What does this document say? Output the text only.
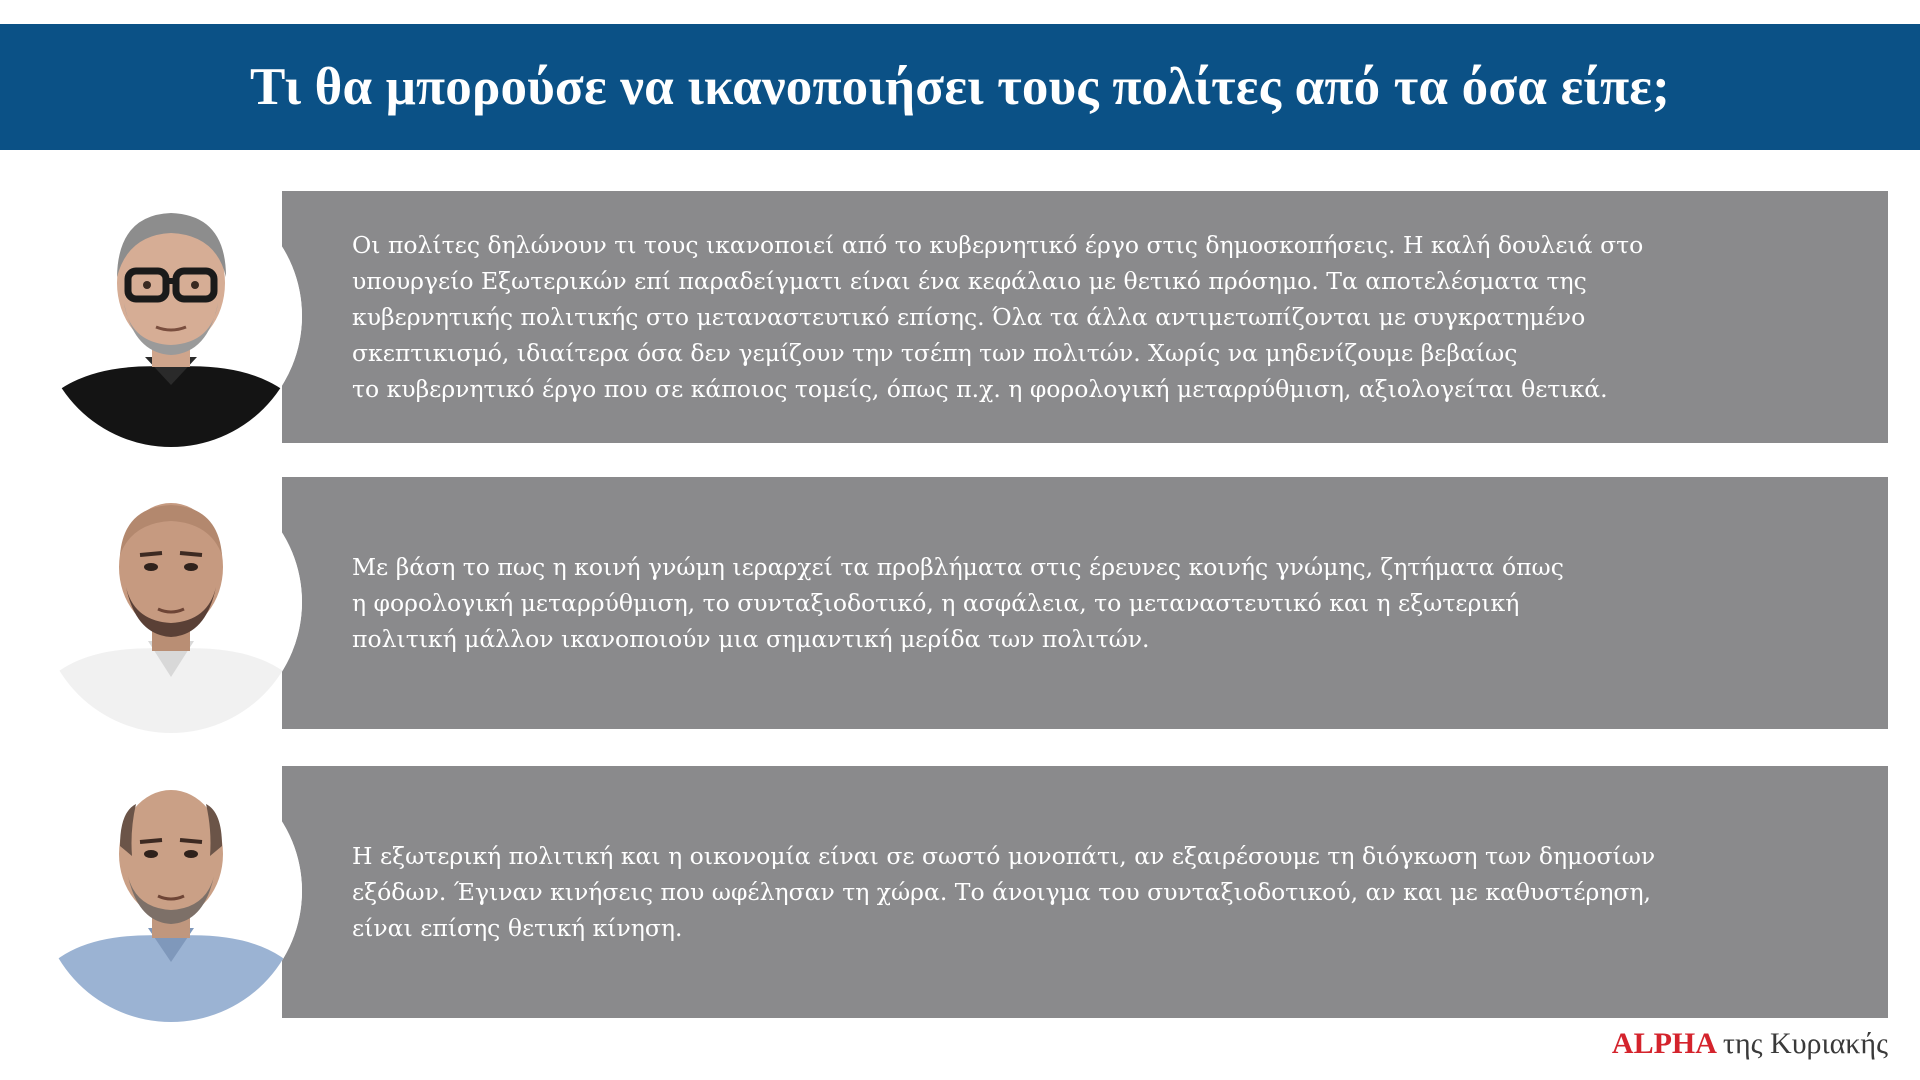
Τι θα μπορούσε να ικανοποιήσει τους πολίτες από τα όσα είπε;
Οι πολίτες δηλώνουν τι τους ικανοποιεί από το κυβερνητικό έργο στις δημοσκοπήσεις. Η καλή δουλειά στο
υπουργείο Εξωτερικών επί παραδείγματι είναι ένα κεφάλαιο με θετικό πρόσημο. Τα αποτελέσματα της
κυβερνητικής πολιτικής στο μεταναστευτικό επίσης. Όλα τα άλλα αντιμετωπίζονται με συγκρατημένο
σκεπτικισμό, ιδιαίτερα όσα δεν γεμίζουν την τσέπη των πολιτών. Χωρίς να μηδενίζουμε βεβαίως
το κυβερνητικό έργο που σε κάποιος τομείς, όπως π.χ. η φορολογική μεταρρύθμιση, αξιολογείται θετικά.
Με βάση το πως η κοινή γνώμη ιεραρχεί τα προβλήματα στις έρευνες κοινής γνώμης, ζητήματα όπως
η φορολογική μεταρρύθμιση, το συνταξιοδοτικό, η ασφάλεια, το μεταναστευτικό και η εξωτερική
πολιτική μάλλον ικανοποιούν μια σημαντική μερίδα των πολιτών.
Η εξωτερική πολιτική και η οικονομία είναι σε σωστό μονοπάτι, αν εξαιρέσουμε τη διόγκωση των δημοσίων
εξόδων. Έγιναν κινήσεις που ωφέλησαν τη χώρα. Το άνοιγμα του συνταξιοδοτικού, αν και με καθυστέρηση,
είναι επίσης θετική κίνηση.
ALPHA της Κυριακής
